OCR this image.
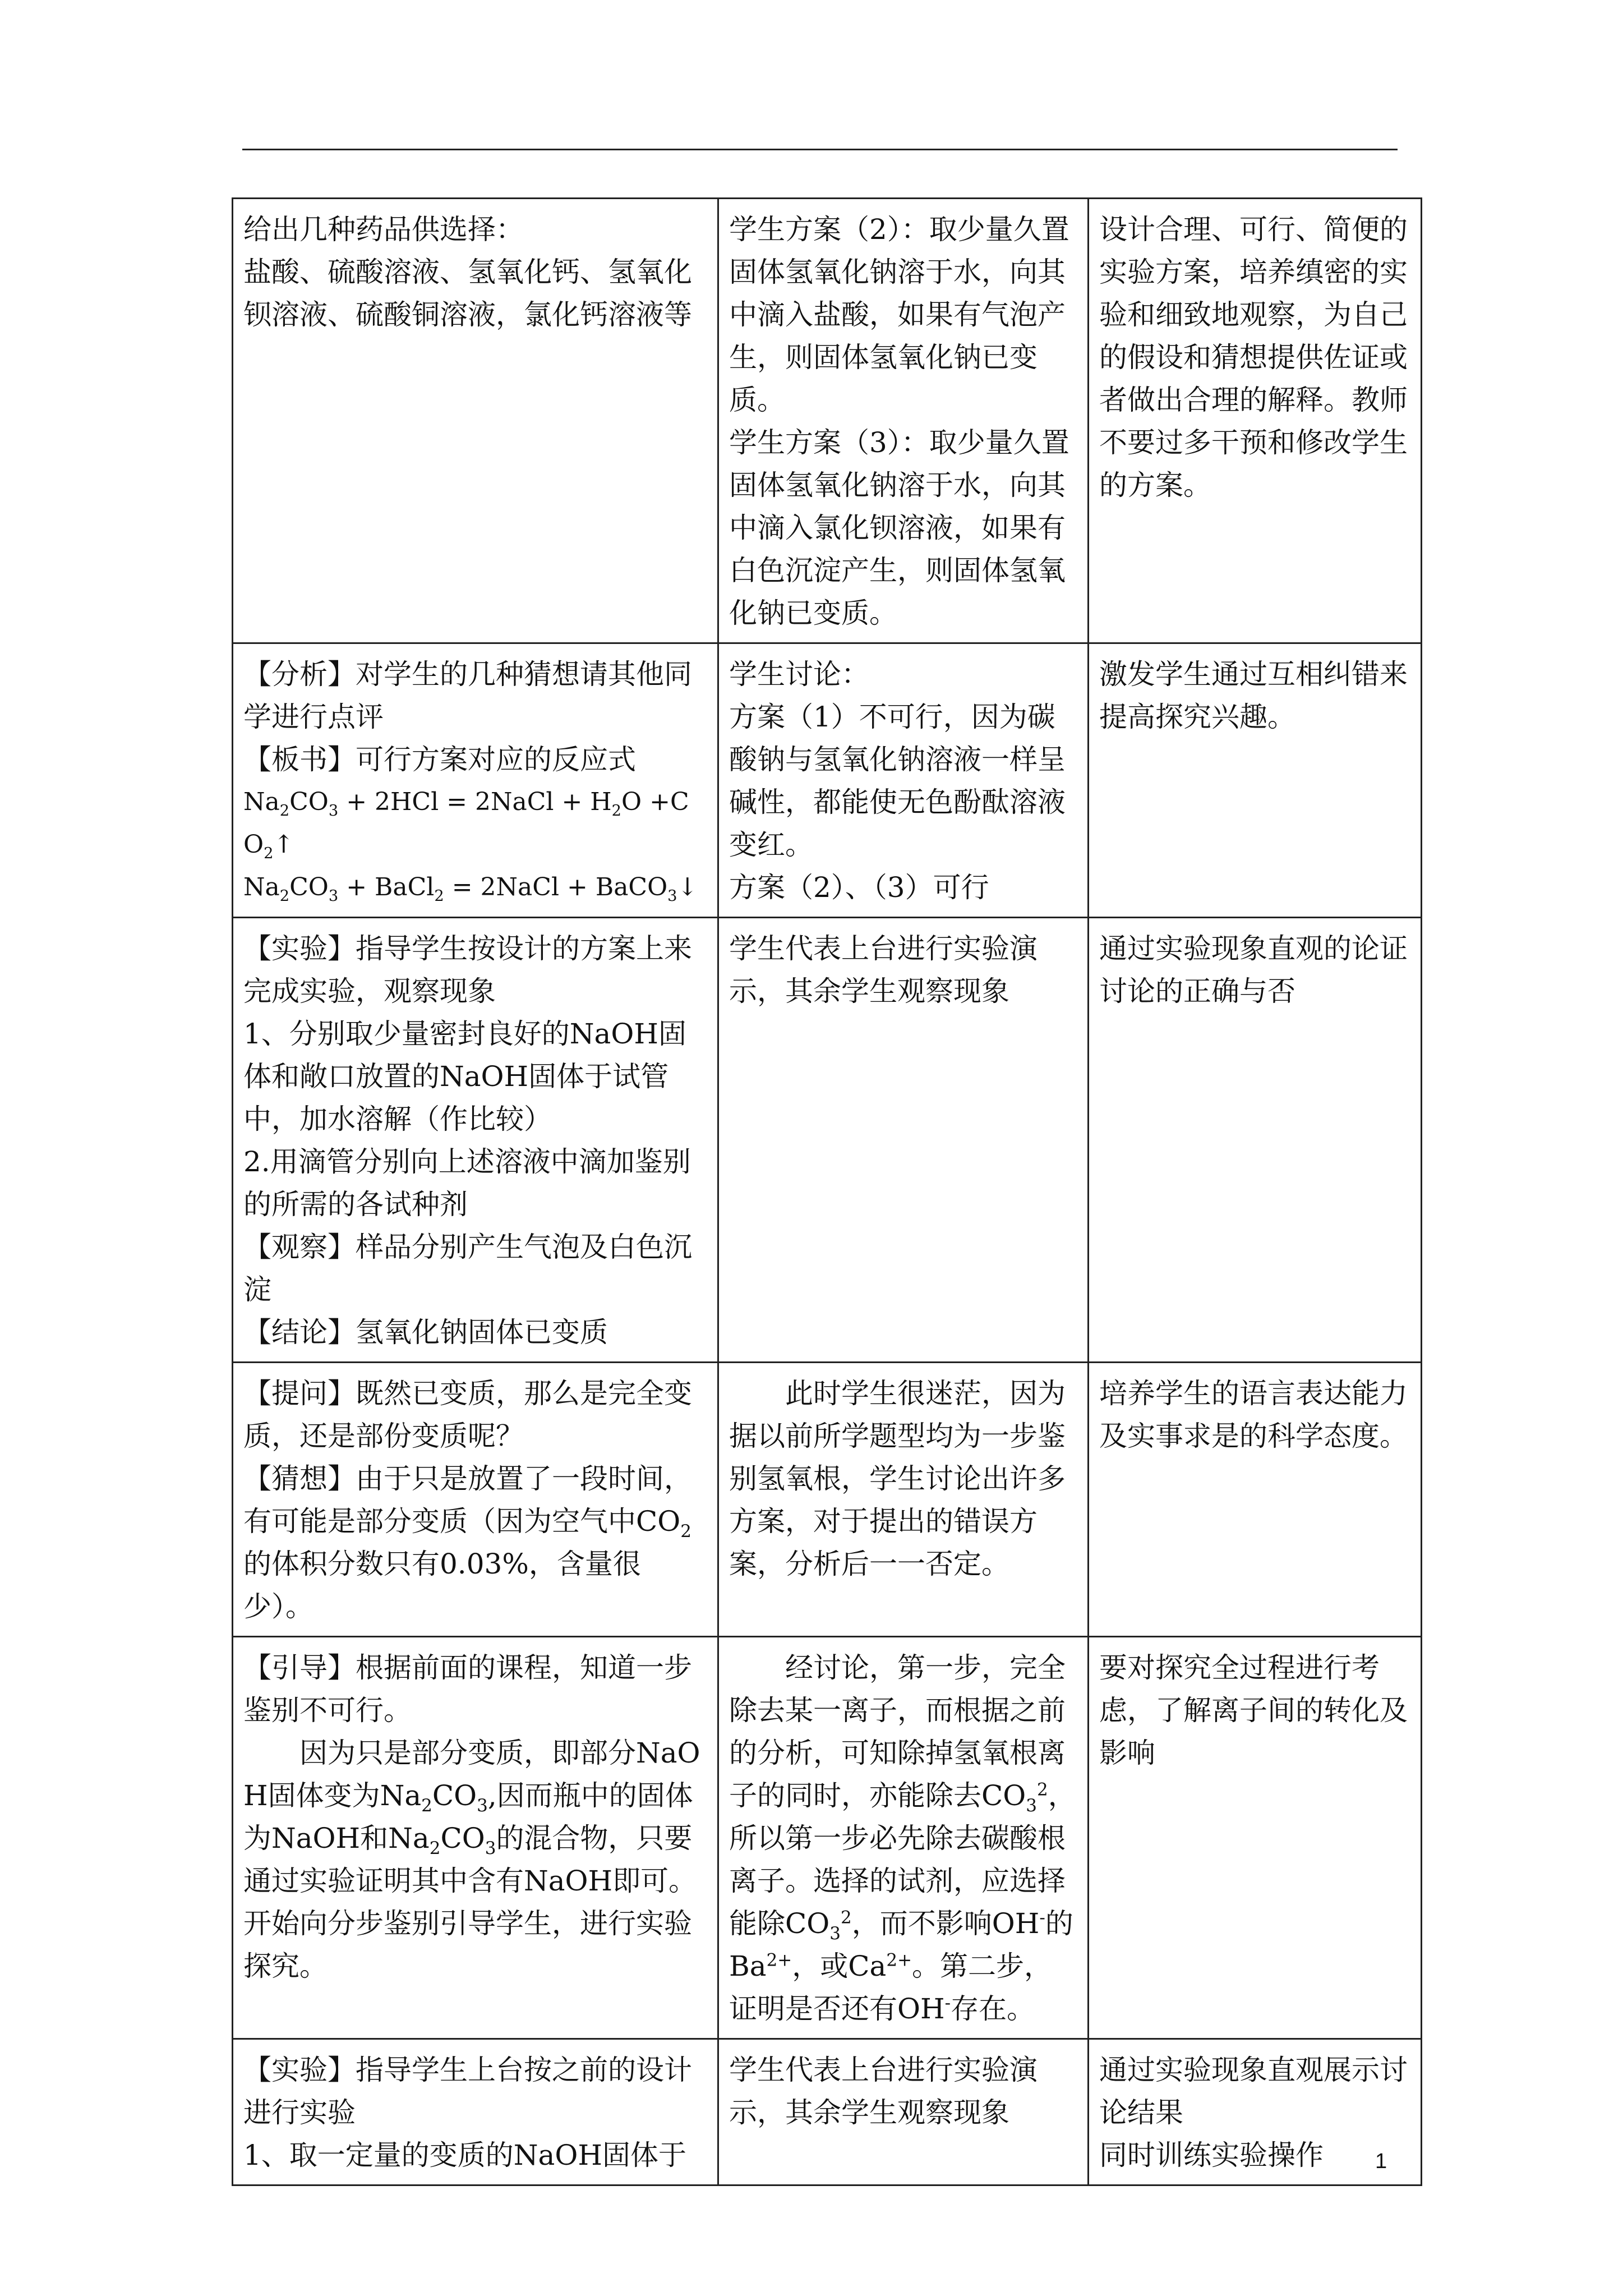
给出几种药品供选择：
盐酸、硫酸溶液、氢氧化钙、氢氧化钡溶液、硫酸铜溶液，氯化钙溶液等	学生方案（2）：取少量久置固体氢氧化钠溶于水，向其中滴入盐酸，如果有气泡产生，则固体氢氧化钠已变质。
学生方案（3）：取少量久置固体氢氧化钠溶于水，向其中滴入氯化钡溶液，如果有白色沉淀产生，则固体氢氧化钠已变质。	设计合理、可行、简便的实验方案，培养缜密的实验和细致地观察，为自己的假设和猜想提供佐证或者做出合理的解释。教师不要过多干预和修改学生的方案。

【分析】对学生的几种猜想请其他同学进行点评
【板书】可行方案对应的反应式
$Na_2CO_3 + 2HCl$ = 2NaCl + $H_2O$ $+CO_2↑$
$Na_2CO_3$ + BaCl$_2$ = 2NaCl + BaCO$_3$↓	学生讨论：
方案（1）不可行，因为碳酸钠与氢氧化钠溶液一样呈碱性，都能使无色酚酞溶液变红。
方案（2）、（3）可行	激发学生通过互相纠错来提高探究兴趣。

【实验】指导学生按设计的方案上来完成实验，观察现象
1、分别取少量密封良好的NaOH固体和敞口放置的NaOH固体于试管中，加水溶解（作比较）
2.用滴管分别向上述溶液中滴加鉴别的所需的各试种剂
【观察】样品分别产生气泡及白色沉淀
【结论】氢氧化钠固体已变质	学生代表上台进行实验演示，其余学生观察现象	通过实验现象直观的论证讨论的正确与否

【提问】既然已变质，那么是完全变质，还是部份变质呢？
【猜想】由于只是放置了一段时间，有可能是部分变质（因为空气中$CO_2$的体积分数只有0.03%，含量很少）。	此时学生很迷茫，因为据以前所学题型均为一步鉴别氢氧根，学生讨论出许多方案，对于提出的错误方案，分析后一一否定。	培养学生的语言表达能力及实事求是的科学态度。

【引导】根据前面的课程，知道一步鉴别不可行。
因为只是部分变质，即部分NaOH固体变为$Na_2CO_3$,因而瓶中的固体为NaOH和$Na_2CO_3$的混合物，只要通过实验证明其中含有NaOH即可。开始向分步鉴别引导学生，进行实验探究。	经讨论，第一步，完全除去某一离子，而根据之前的分析，可知除掉氢氧根离子的同时，亦能除去$CO_3^2$，所以第一步必先除去碳酸根离子。选择的试剂，应选择能除$CO_3^2$，而不影响OH-的$Ba^{2+}$，或$Ca^{2+}$。第二步，证明是否还有OH-存在。	要对探究全过程进行考虑，了解离子间的转化及影响

【实验】指导学生上台按之前的设计进行实验
1、取一定量的变质的NaOH固体于	学生代表上台进行实验演示，其余学生观察现象	通过实验现象直观展示讨论结果
同时训练实验操作	1
